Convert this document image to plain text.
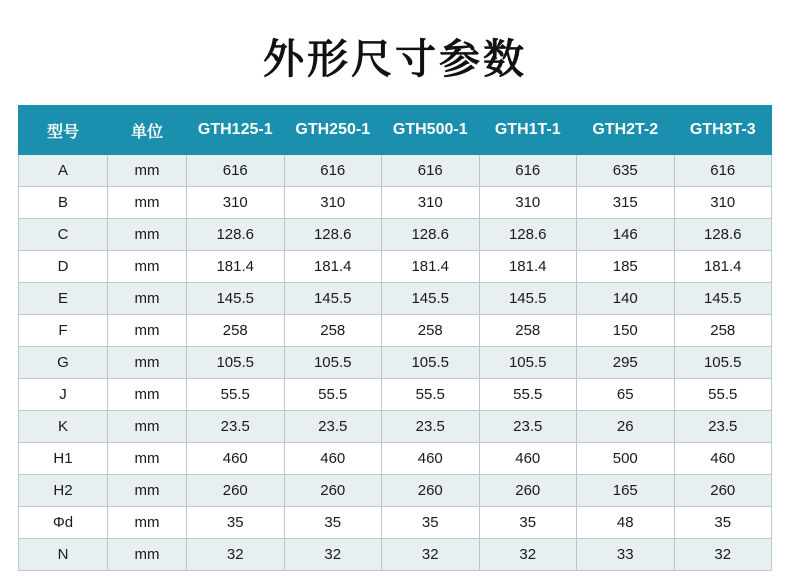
外形尺寸参数
型号	单位	GTH125-1	GTH250-1	GTH500-1	GTH1T-1	GTH2T-2	GTH3T-3
A	mm	616	616	616	616	635	616
B	mm	310	310	310	310	315	310
C	mm	128.6	128.6	128.6	128.6	146	128.6
D	mm	181.4	181.4	181.4	181.4	185	181.4
E	mm	145.5	145.5	145.5	145.5	140	145.5
F	mm	258	258	258	258	150	258
G	mm	105.5	105.5	105.5	105.5	295	105.5
J	mm	55.5	55.5	55.5	55.5	65	55.5
K	mm	23.5	23.5	23.5	23.5	26	23.5
H1	mm	460	460	460	460	500	460
H2	mm	260	260	260	260	165	260
Φd	mm	35	35	35	35	48	35
N	mm	32	32	32	32	33	32
